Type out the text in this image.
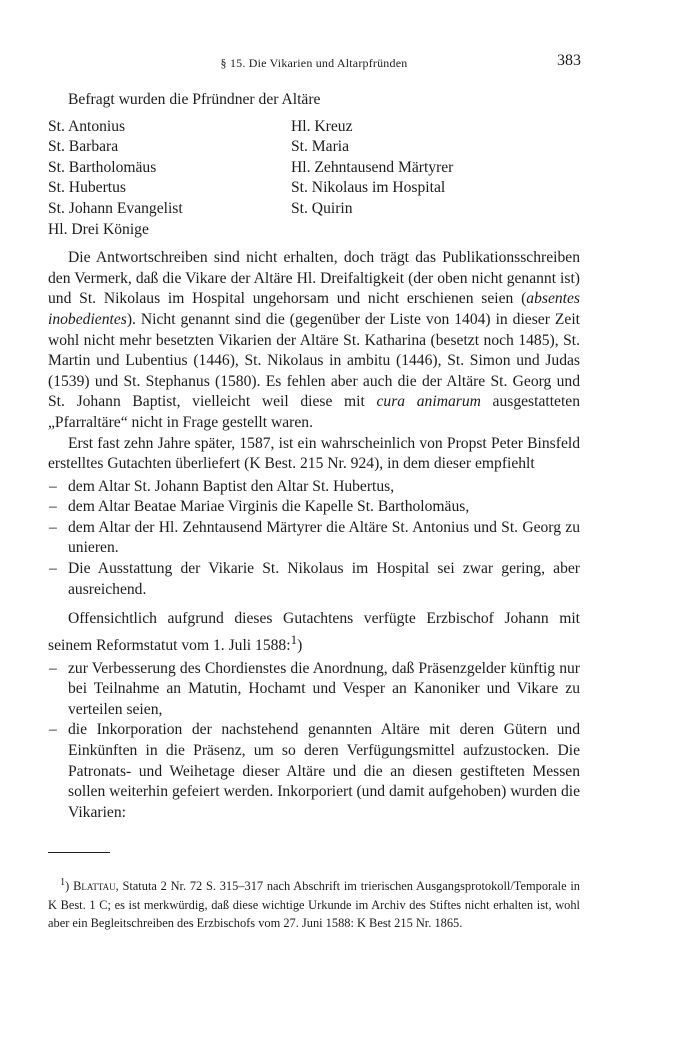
§ 15. Die Vikarien und Altarpfründen	383

Befragt wurden die Pfründner der Altäre

St. Antonius
St. Barbara
St. Bartholomäus
St. Hubertus
St. Johann Evangelist
Hl. Drei Könige
Hl. Kreuz
St. Maria
Hl. Zehntausend Märtyrer
St. Nikolaus im Hospital
St. Quirin

Die Antwortschreiben sind nicht erhalten, doch trägt das Publikationsschreiben den Vermerk, daß die Vikare der Altäre Hl. Dreifaltigkeit (der oben nicht genannt ist) und St. Nikolaus im Hospital ungehorsam und nicht erschienen seien (absentes inobedientes). Nicht genannt sind die (gegenüber der Liste von 1404) in dieser Zeit wohl nicht mehr besetzten Vikarien der Altäre St. Katharina (besetzt noch 1485), St. Martin und Lubentius (1446), St. Nikolaus in ambitu (1446), St. Simon und Judas (1539) und St. Stephanus (1580). Es fehlen aber auch die der Altäre St. Georg und St. Johann Baptist, vielleicht weil diese mit cura animarum ausgestatteten „Pfarraltäre“ nicht in Frage gestellt waren.

Erst fast zehn Jahre später, 1587, ist ein wahrscheinlich von Propst Peter Binsfeld erstelltes Gutachten überliefert (K Best. 215 Nr. 924), in dem dieser empfiehlt

– dem Altar St. Johann Baptist den Altar St. Hubertus,
– dem Altar Beatae Mariae Virginis die Kapelle St. Bartholomäus,
– dem Altar der Hl. Zehntausend Märtyrer die Altäre St. Antonius und St. Georg zu unieren.
– Die Ausstattung der Vikarie St. Nikolaus im Hospital sei zwar gering, aber ausreichend.

Offensichtlich aufgrund dieses Gutachtens verfügte Erzbischof Johann mit seinem Reformstatut vom 1. Juli 1588:$^1$)

– zur Verbesserung des Chordienstes die Anordnung, daß Präsenzgelder künftig nur bei Teilnahme an Matutin, Hochamt und Vesper an Kanoniker und Vikare zu verteilen seien,
– die Inkorporation der nachstehend genannten Altäre mit deren Gütern und Einkünften in die Präsenz, um so deren Verfügungsmittel aufzustocken. Die Patronats- und Weihetage dieser Altäre und die an diesen gestifteten Messen sollen weiterhin gefeiert werden. Inkorporiert (und damit aufgehoben) wurden die Vikarien:

$^1$) Blattau, Statuta 2 Nr. 72 S. 315–317 nach Abschrift im trierischen Ausgangsprotokoll/Temporale in K Best. 1 C; es ist merkwürdig, daß diese wichtige Urkunde im Archiv des Stiftes nicht erhalten ist, wohl aber ein Begleitschreiben des Erzbischofs vom 27. Juni 1588: K Best 215 Nr. 1865.
